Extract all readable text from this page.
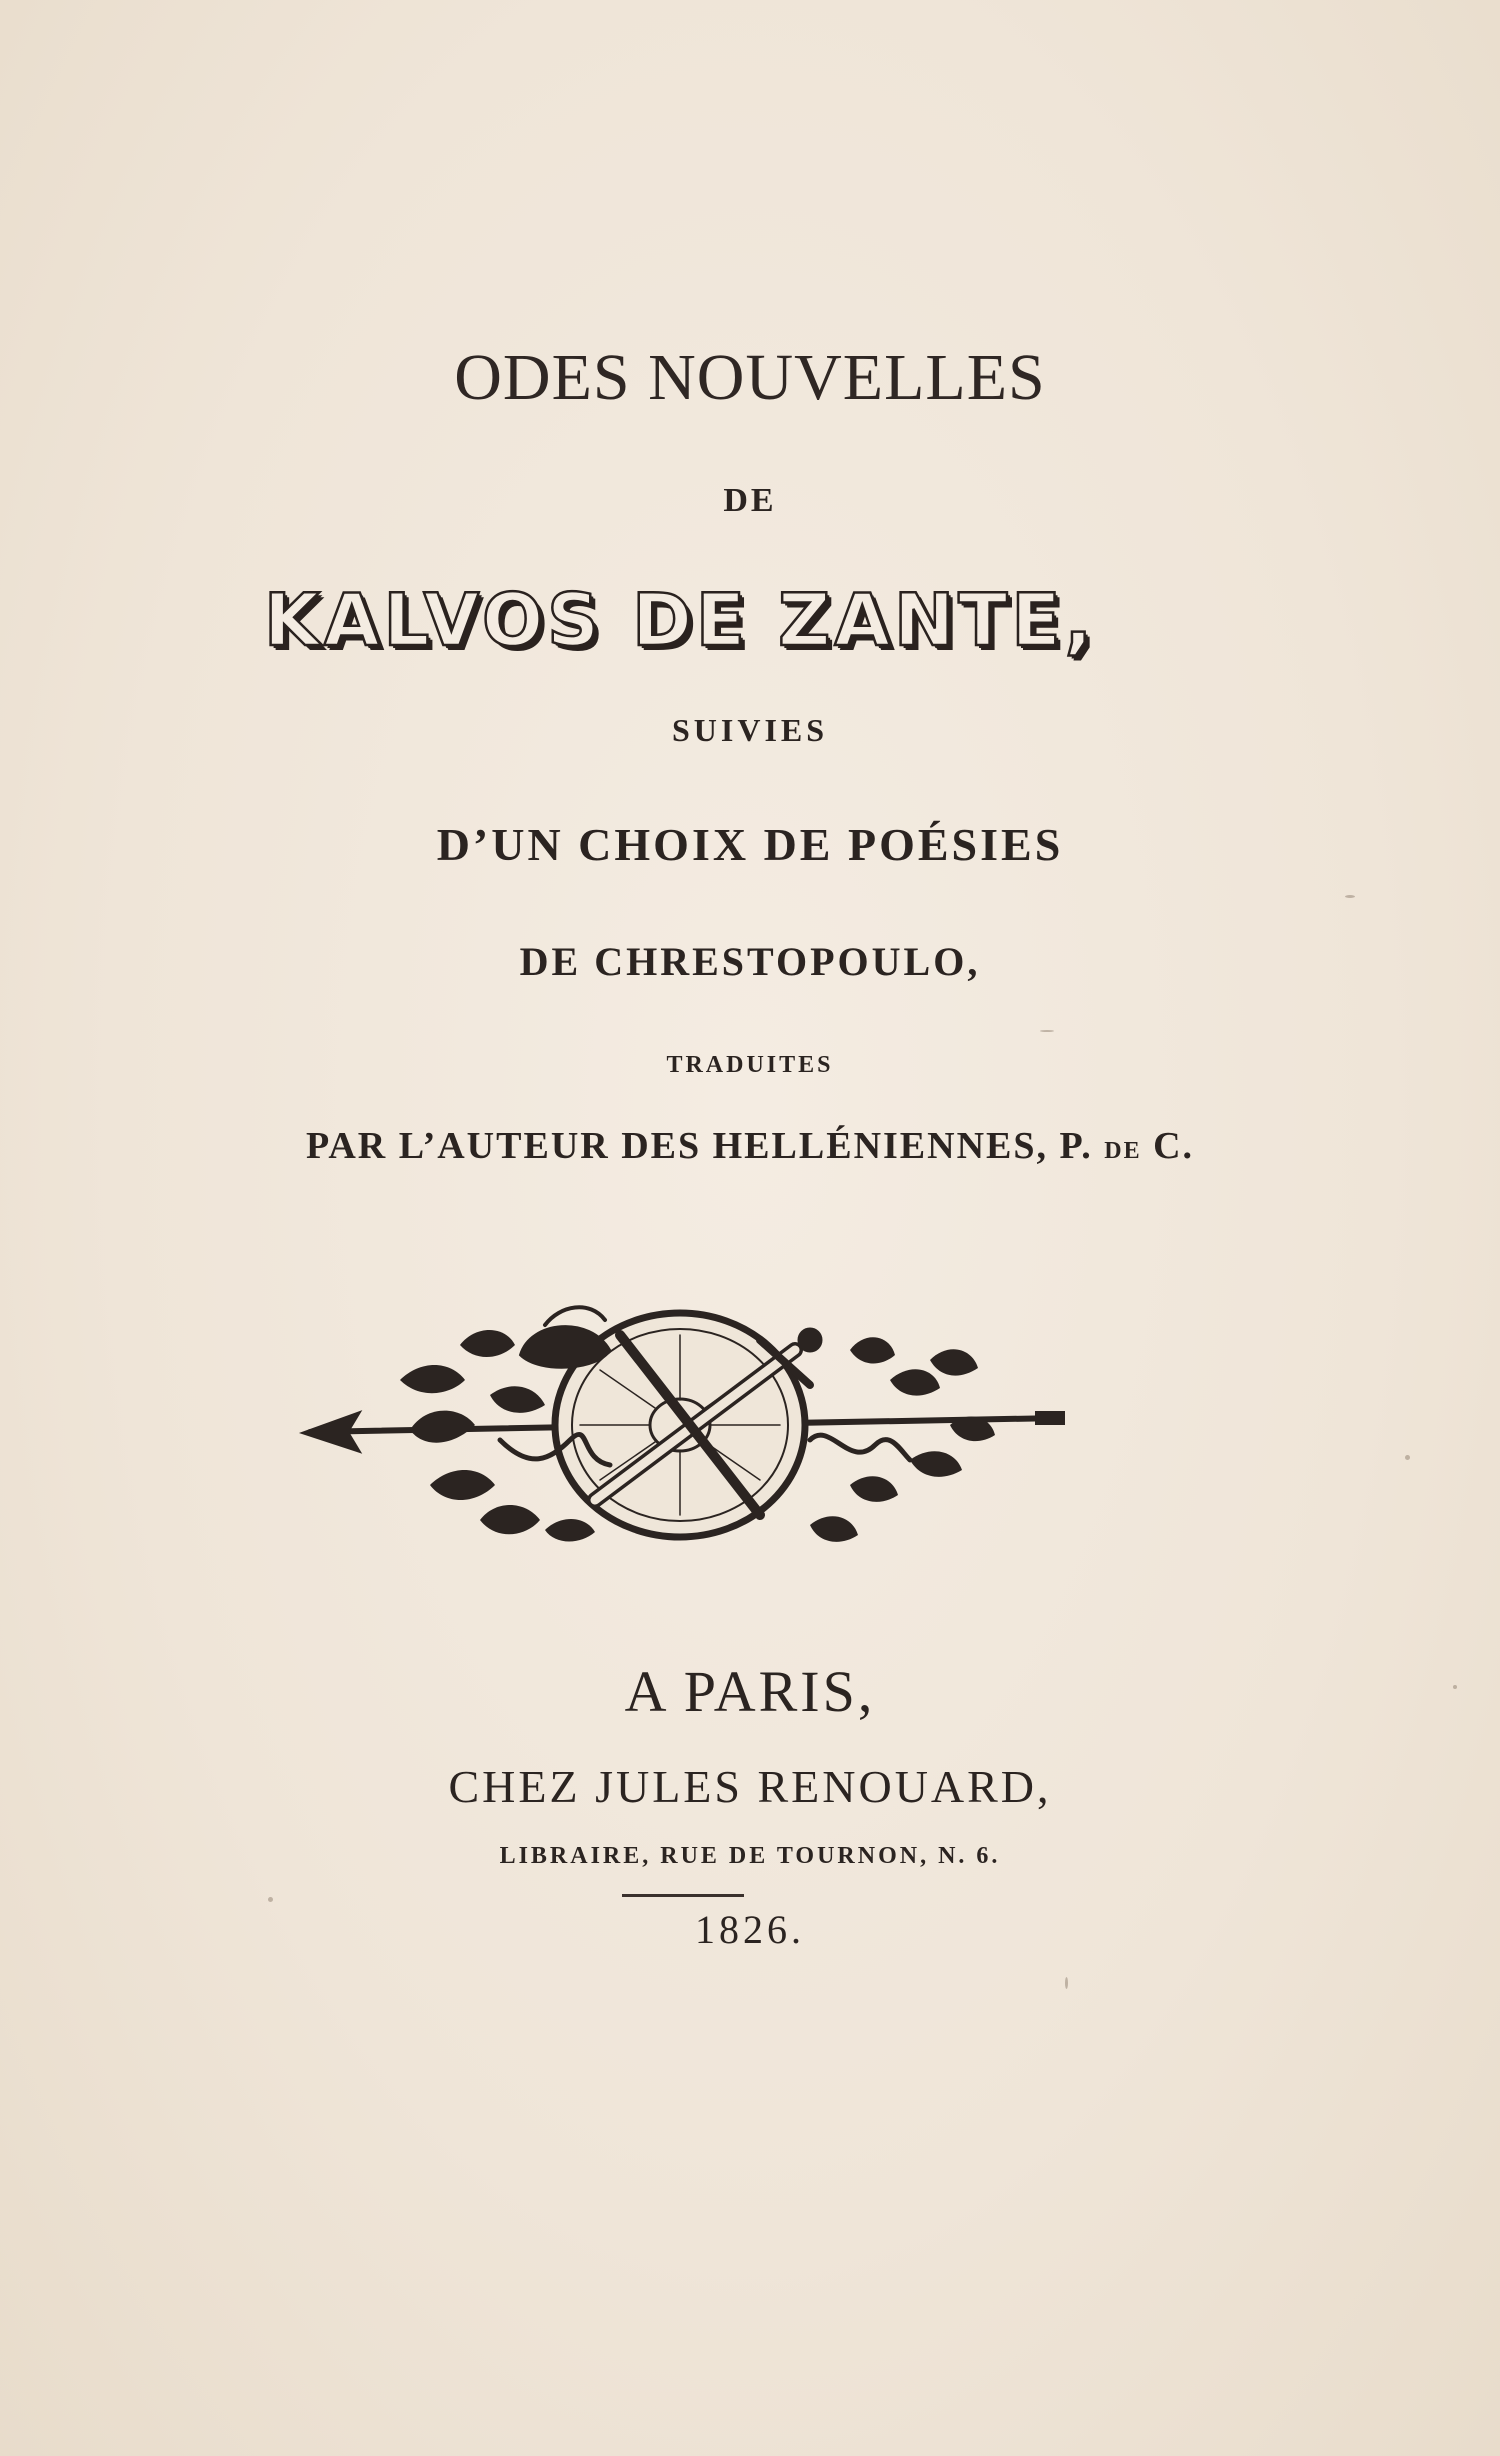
ODES NOUVELLES
DE
KALVOS DE ZANTE,
SUIVIES
D’UN CHOIX DE POÉSIES
DE CHRESTOPOULO,
TRADUITES
PAR L’AUTEUR DES HELLÉNIENNES, P. DE C.
A PARIS,
CHEZ JULES RENOUARD,
LIBRAIRE, RUE DE TOURNON, N. 6.
1826.
